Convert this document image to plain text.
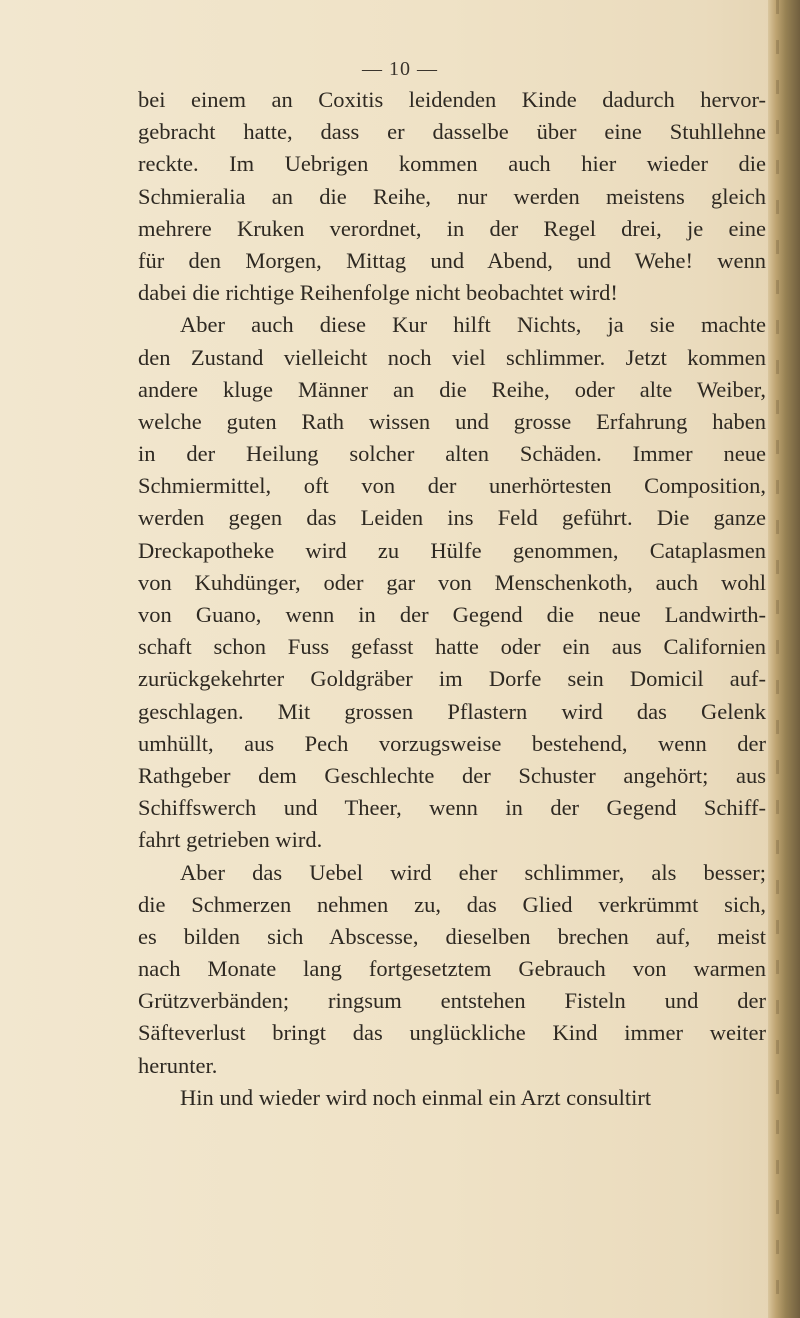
— 10 —
bei einem an Coxitis leidenden Kinde dadurch hervor-
gebracht hatte, dass er dasselbe über eine Stuhllehne
reckte. Im Uebrigen kommen auch hier wieder die
Schmieralia an die Reihe, nur werden meistens gleich
mehrere Kruken verordnet, in der Regel drei, je eine
für den Morgen, Mittag und Abend, und Wehe! wenn
dabei die richtige Reihenfolge nicht beobachtet wird!
Aber auch diese Kur hilft Nichts, ja sie machte
den Zustand vielleicht noch viel schlimmer. Jetzt kommen
andere kluge Männer an die Reihe, oder alte Weiber,
welche guten Rath wissen und grosse Erfahrung haben
in der Heilung solcher alten Schäden. Immer neue
Schmiermittel, oft von der unerhörtesten Composition,
werden gegen das Leiden ins Feld geführt. Die ganze
Dreckapotheke wird zu Hülfe genommen, Cataplasmen
von Kuhdünger, oder gar von Menschenkoth, auch wohl
von Guano, wenn in der Gegend die neue Landwirth-
schaft schon Fuss gefasst hatte oder ein aus Californien
zurückgekehrter Goldgräber im Dorfe sein Domicil auf-
geschlagen. Mit grossen Pflastern wird das Gelenk
umhüllt, aus Pech vorzugsweise bestehend, wenn der
Rathgeber dem Geschlechte der Schuster angehört; aus
Schiffswerch und Theer, wenn in der Gegend Schiff-
fahrt getrieben wird.
Aber das Uebel wird eher schlimmer, als besser;
die Schmerzen nehmen zu, das Glied verkrümmt sich,
es bilden sich Abscesse, dieselben brechen auf, meist
nach Monate lang fortgesetztem Gebrauch von warmen
Grützverbänden; ringsum entstehen Fisteln und der
Säfteverlust bringt das unglückliche Kind immer weiter
herunter.
Hin und wieder wird noch einmal ein Arzt consultirt
